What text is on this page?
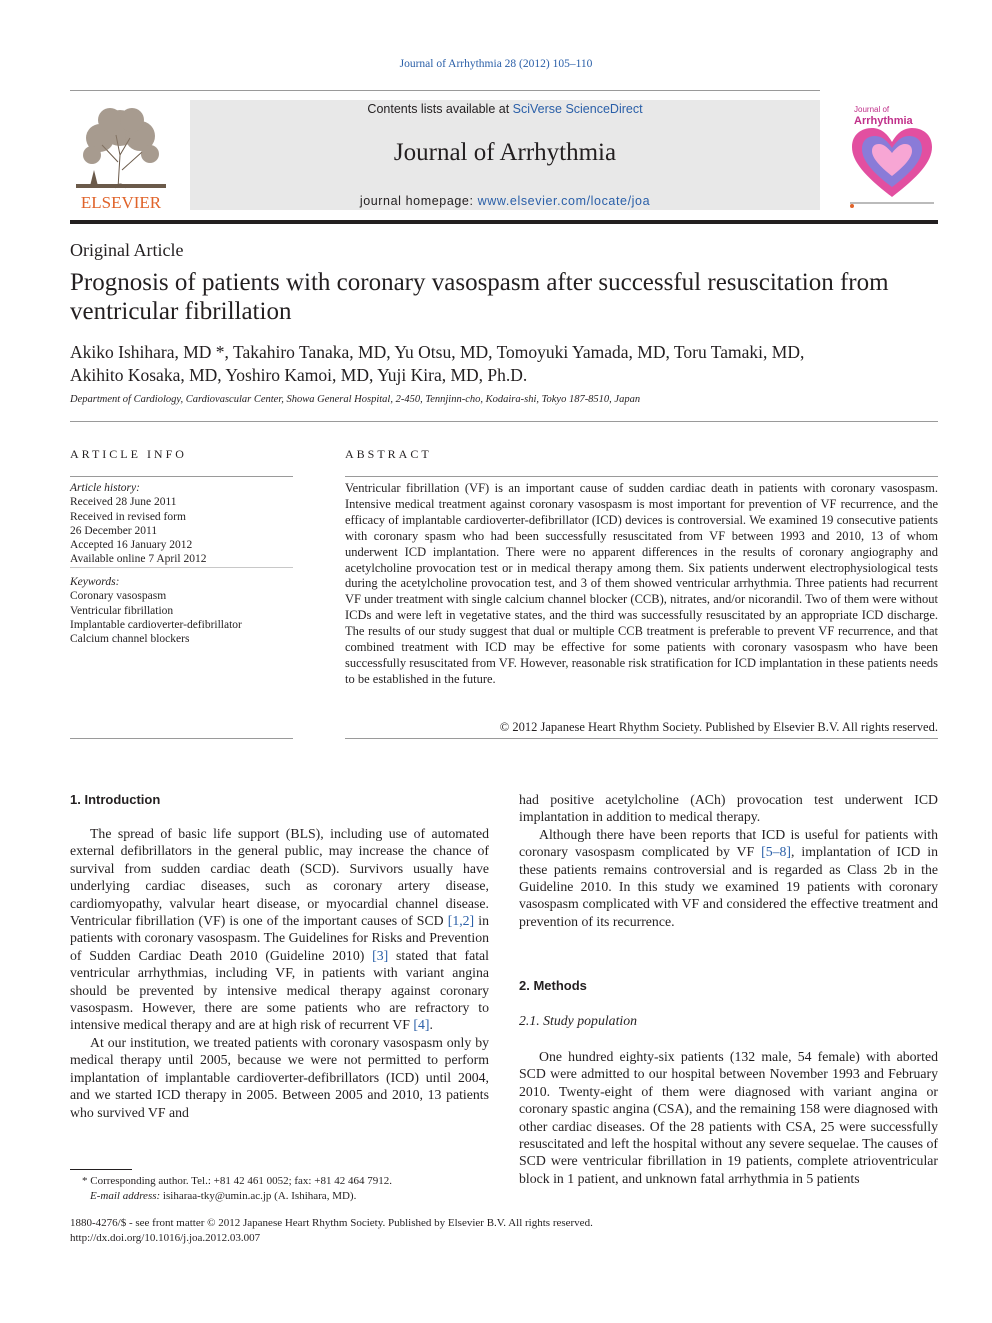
Journal of Arrhythmia 28 (2012) 105–110
ELSEVIER
Contents lists available at SciVerse ScienceDirect
Journal of Arrhythmia
journal homepage: www.elsevier.com/locate/joa
Journal of
Arrhythmia
Original Article
Prognosis of patients with coronary vasospasm after successful resuscitation from ventricular fibrillation
Akiko Ishihara, MD *, Takahiro Tanaka, MD, Yu Otsu, MD, Tomoyuki Yamada, MD, Toru Tamaki, MD,
Akihito Kosaka, MD, Yoshiro Kamoi, MD, Yuji Kira, MD, Ph.D.
Department of Cardiology, Cardiovascular Center, Showa General Hospital, 2-450, Tennjinn-cho, Kodaira-shi, Tokyo 187-8510, Japan
ARTICLE INFO	ABSTRACT
Article history:
Received 28 June 2011
Received in revised form
26 December 2011
Accepted 16 January 2012
Available online 7 April 2012
Keywords:
Coronary vasospasm
Ventricular fibrillation
Implantable cardioverter-defibrillator
Calcium channel blockers
Ventricular fibrillation (VF) is an important cause of sudden cardiac death in patients with coronary vasospasm. Intensive medical treatment against coronary vasospasm is most important for prevention of VF recurrence, and the efficacy of implantable cardioverter-defibrillator (ICD) devices is controversial. We examined 19 consecutive patients with coronary spasm who had been successfully resuscitated from VF between 1993 and 2010, 13 of whom underwent ICD implantation. There were no apparent differences in the results of coronary angiography and acetylcholine provocation test or in medical therapy among them. Six patients underwent electrophysiological tests during the acetylcholine provocation test, and 3 of them showed ventricular arrhythmia. Three patients had recurrent VF under treatment with single calcium channel blocker (CCB), nitrates, and/or nicorandil. Two of them were without ICDs and were left in vegetative states, and the third was successfully resuscitated by an appropriate ICD discharge. The results of our study suggest that dual or multiple CCB treatment is preferable to prevent VF recurrence, and that combined treatment with ICD may be effective for some patients with coronary vasospasm who have been successfully resuscitated from VF. However, reasonable risk stratification for ICD implantation in these patients needs to be established in the future.
© 2012 Japanese Heart Rhythm Society. Published by Elsevier B.V. All rights reserved.
1. Introduction

The spread of basic life support (BLS), including use of automated external defibrillators in the general public, may increase the chance of survival from sudden cardiac death (SCD). Survivors usually have underlying cardiac diseases, such as coronary artery disease, cardiomyopathy, valvular heart disease, or myocardial channel disease. Ventricular fibrillation (VF) is one of the important causes of SCD [1,2] in patients with coronary vasospasm. The Guidelines for Risks and Prevention of Sudden Cardiac Death 2010 (Guideline 2010) [3] stated that fatal ventricular arrhythmias, including VF, in patients with variant angina should be prevented by intensive medical therapy against coronary vasospasm. However, there are some patients who are refractory to intensive medical therapy and are at high risk of recurrent VF [4].

At our institution, we treated patients with coronary vasospasm only by medical therapy until 2005, because we were not permitted to perform implantation of implantable cardioverter-defibrillators (ICD) until 2004, and we started ICD therapy in 2005. Between 2005 and 2010, 13 patients who survived VF and

had positive acetylcholine (ACh) provocation test underwent ICD implantation in addition to medical therapy.

Although there have been reports that ICD is useful for patients with coronary vasospasm complicated by VF [5–8], implantation of ICD in these patients remains controversial and is regarded as Class 2b in the Guideline 2010. In this study we examined 19 patients with coronary vasospasm complicated with VF and considered the effective treatment and prevention of its recurrence.

2. Methods
2.1. Study population

One hundred eighty-six patients (132 male, 54 female) with aborted SCD were admitted to our hospital between November 1993 and February 2010. Twenty-eight of them were diagnosed with variant angina or coronary spastic angina (CSA), and the remaining 158 were diagnosed with other cardiac diseases. Of the 28 patients with CSA, 25 were successfully resuscitated and left the hospital without any severe sequelae. The causes of SCD were ventricular fibrillation in 19 patients, complete atrioventricular block in 1 patient, and unknown fatal arrhythmia in 5 patients

* Corresponding author. Tel.: +81 42 461 0052; fax: +81 42 464 7912.
E-mail address: isiharaa-tky@umin.ac.jp (A. Ishihara, MD).
1880-4276/$ - see front matter © 2012 Japanese Heart Rhythm Society. Published by Elsevier B.V. All rights reserved.
http://dx.doi.org/10.1016/j.joa.2012.03.007
